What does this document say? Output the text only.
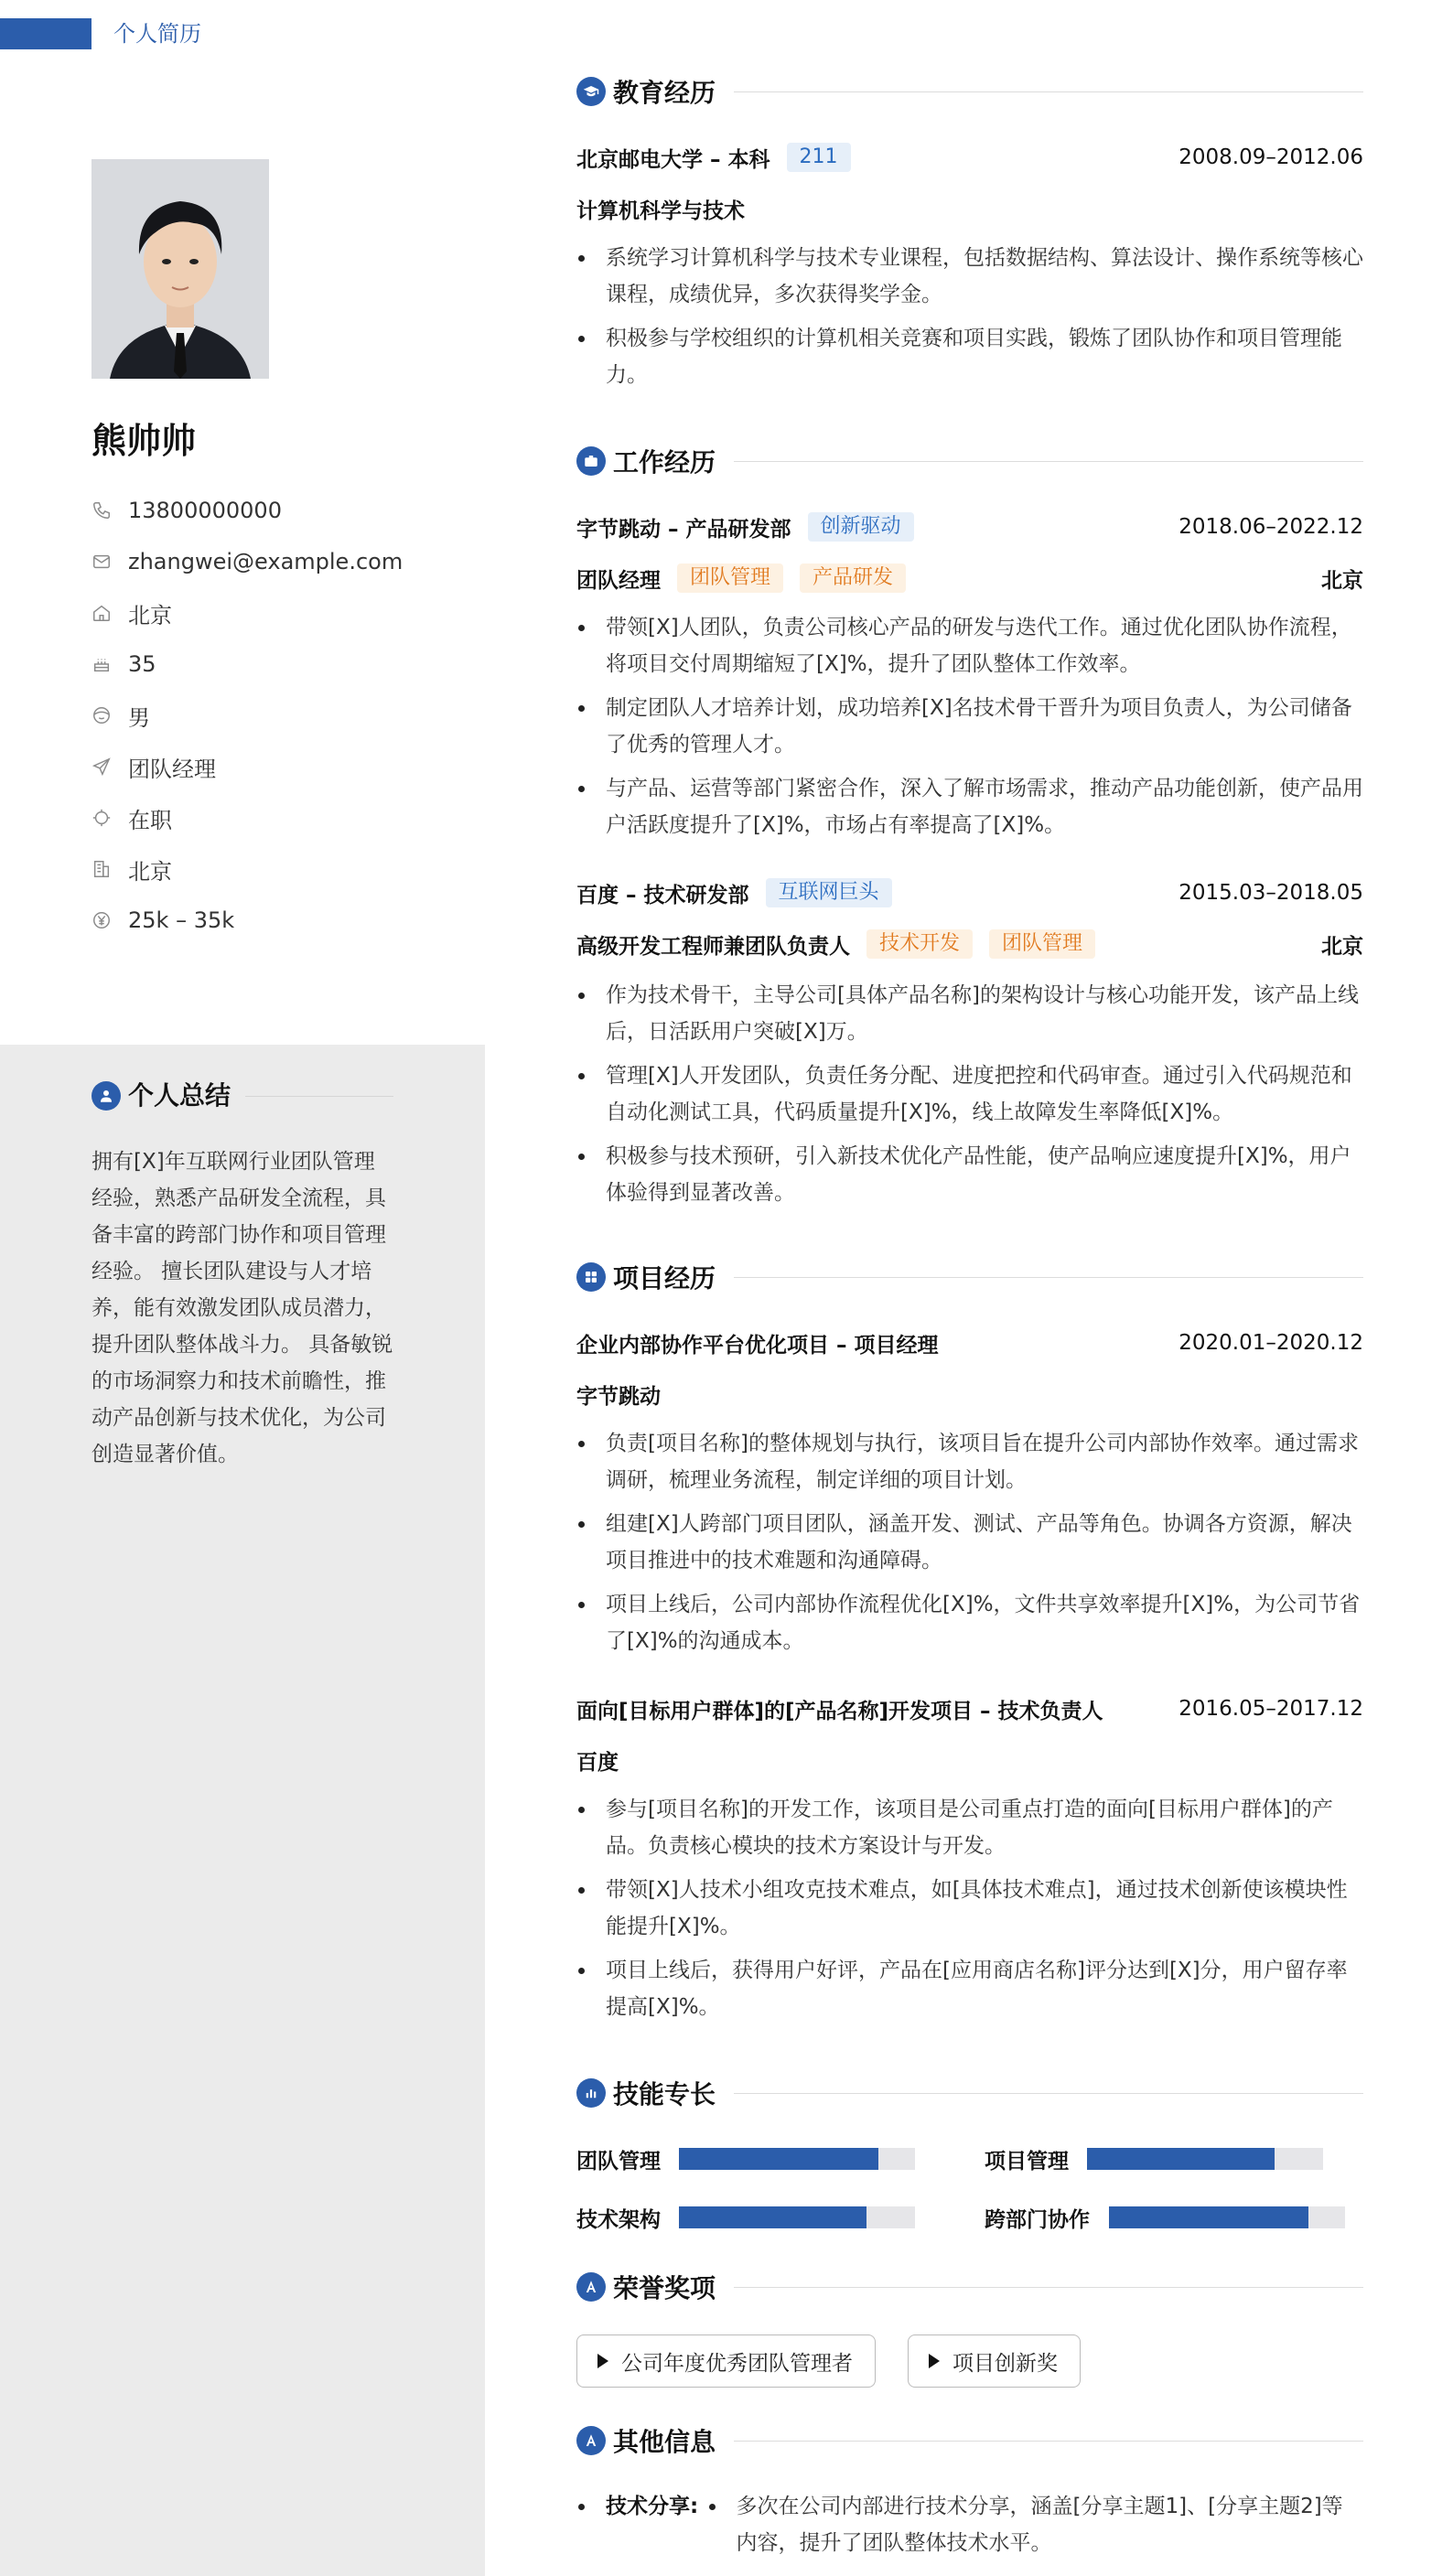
个人简历
熊帅帅
13800000000
zhangwei@example.com
北京
35
男
团队经理
在职
北京
25k – 35k
个人总结
拥有[X]年互联网行业团队管理经验，熟悉产品研发全流程，具备丰富的跨部门协作和项目管理经验。 擅长团队建设与人才培养，能有效激发团队成员潜力，提升团队整体战斗力。 具备敏锐的市场洞察力和技术前瞻性，推动产品创新与技术优化，为公司创造显著价值。
教育经历
北京邮电大学 – 本科	211	2008.09–2012.06
计算机科学与技术
系统学习计算机科学与技术专业课程，包括数据结构、算法设计、操作系统等核心课程，成绩优异，多次获得奖学金。
积极参与学校组织的计算机相关竞赛和项目实践，锻炼了团队协作和项目管理能力。
工作经历
字节跳动 – 产品研发部	创新驱动	2018.06–2022.12
团队经理	团队管理	产品研发	北京
带领[X]人团队，负责公司核心产品的研发与迭代工作。通过优化团队协作流程，将项目交付周期缩短了[X]%，提升了团队整体工作效率。
制定团队人才培养计划，成功培养[X]名技术骨干晋升为项目负责人，为公司储备了优秀的管理人才。
与产品、运营等部门紧密合作，深入了解市场需求，推动产品功能创新，使产品用户活跃度提升了[X]%，市场占有率提高了[X]%。
百度 – 技术研发部	互联网巨头	2015.03–2018.05
高级开发工程师兼团队负责人	技术开发	团队管理	北京
作为技术骨干，主导公司[具体产品名称]的架构设计与核心功能开发，该产品上线后，日活跃用户突破[X]万。
管理[X]人开发团队，负责任务分配、进度把控和代码审查。通过引入代码规范和自动化测试工具，代码质量提升[X]%，线上故障发生率降低[X]%。
积极参与技术预研，引入新技术优化产品性能，使产品响应速度提升[X]%，用户体验得到显著改善。
项目经历
企业内部协作平台优化项目 – 项目经理	2020.01–2020.12
字节跳动
负责[项目名称]的整体规划与执行，该项目旨在提升公司内部协作效率。通过需求调研，梳理业务流程，制定详细的项目计划。
组建[X]人跨部门项目团队，涵盖开发、测试、产品等角色。协调各方资源，解决项目推进中的技术难题和沟通障碍。
项目上线后，公司内部协作流程优化[X]%，文件共享效率提升[X]%，为公司节省了[X]%的沟通成本。
面向[目标用户群体]的[产品名称]开发项目 – 技术负责人	2016.05–2017.12
百度
参与[项目名称]的开发工作，该项目是公司重点打造的面向[目标用户群体]的产品。负责核心模块的技术方案设计与开发。
带领[X]人技术小组攻克技术难点，如[具体技术难点]，通过技术创新使该模块性能提升[X]%。
项目上线后，获得用户好评，产品在[应用商店名称]评分达到[X]分，用户留存率提高[X]%。
技能专长
团队管理	项目管理
技术架构	跨部门协作
荣誉奖项
公司年度优秀团队管理者	项目创新奖
其他信息
技术分享: 多次在公司内部进行技术分享，涵盖[分享主题1]、[分享主题2]等内容，提升了团队整体技术水平。
